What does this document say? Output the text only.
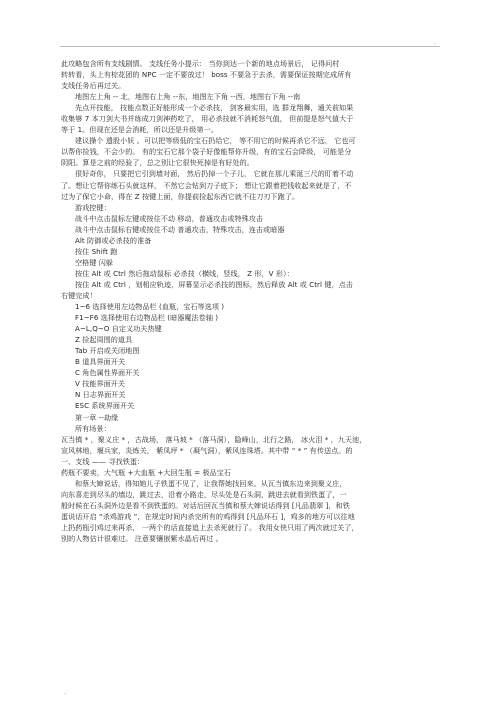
.

此攻略包含所有支线剧情。 支线任务小提示： 当你到达一个新的地点场景后， 记得问村

转转看，头上有棕花团的 NPC 一定不要放过！ boss 不要急于去杀，需要保证按期完成所有

支线任务后再过关。

地图左上角 -- 北，地图右上角 --东，地图左下角 --西，地图右下角 --南

先点开技能， 技能点数正好能形成一个必杀技， 剑客最实用，选 群龙翔舞，通关前如果

收集够 7 本刀剑大书并练成刀剑神药吃了， 用必杀技就不消耗怒气值， 但前提是怒气值大于

等于 1。但现在还是会消耗，所以还是升级第一。

建议操个 遗股小妖 。可以把等级低的宝石扔给它， 等不用它的时候再杀它不远， 它也可

以帮你捡钱，不会少的。 有的宝石它那个袋子好像能帮你升级，有的宝石会降级， 可能是分

阴阳。算是之前的经验了，总之别让它很快死掉是有好处的。

很好奇你， 只要把它引到墙对面， 然后扔掉一个子儿， 它就在那儿乘涎三尺的盯着不动

了。想让它帮你练石头就这样， 不然它会钻到刀子底下； 想让它跟着把钱收起来就是了，不

过为了保它小命，得在 Z 按键上面，你提前捡起东西它就不往刀刃下跑了。

游戏控键：

战斗中点击鼠标左键或按住不动 移动，普通攻击或特殊攻击

战斗中点击鼠标右键或按住不动 普通攻击，特殊攻击，连击或暗器

Alt 防御或必杀技的准备

按住 Shift 跑

空格键 闪躲

按住 Alt 或 Ctrl 然后拖动鼠标 必杀技（横线，竖线， Z 形，V 形）：

按住 Alt 或 Ctrl ，划相应轨迹，屏幕显示必杀技的图标，然后释放 Alt 或 Ctrl 键，点击

右键完成！

1~6 选择使用左边物品栏 (血瓶，宝石等选项 )

F1~F6 选择使用右边物品栏 (暗器魔法卷轴 )

A~L,Q~O 自定义功夫热键

Z 捡起周围的道具

Tab 开启或关闭地图

B 道具界面开关

C 角色属性界面开关

V 技能界面开关

N 日志界面开关

ESC 系统界面开关

第一章 --劫缘

所有场景：

瓦当镇 * ，聚义庄 * ，古战场， 落马坡 * （落马洞），隐峰山，北行之路， 冰火泪 * ，九天池，

宣风林地，堰兵家，炎炼关， 紫凤坪 * （凝气洞），紫风连珠塔。其中带 “ * ” 有传送点。的

一、支线 —— 寻找铁蛋：

药瓶不要卖，大气瓶 +大血瓶 +大回生瓶 = 极品宝石

和蔡大婶说话，得知她儿子铁蛋不见了，让我帮她找回来。从瓦当镇东边来到聚义庄，

向东喜走到尽头的墙边，跳过去，沿着小路走，尽头处是石头洞，跳进去就看到铁蛋了，一

般时候在石头洞外边是看不到铁蛋的。对话后回瓦当镇和蔡大婶说话得到 [凡品翡翠 ]，和铁

蛋说话开启 “杀鸡游戏 ”，在规定时间内杀完所有的鸡得到 [凡品环石 ]，鸡多的地方可以往地

上扔药瓶引鸡过来再杀， 一两个的话直接追上去杀死就行了。 我用女侠只用了两次就过关了，

别的人物估计很难过。 注意要镶嵌紫水晶后再过 。

.
